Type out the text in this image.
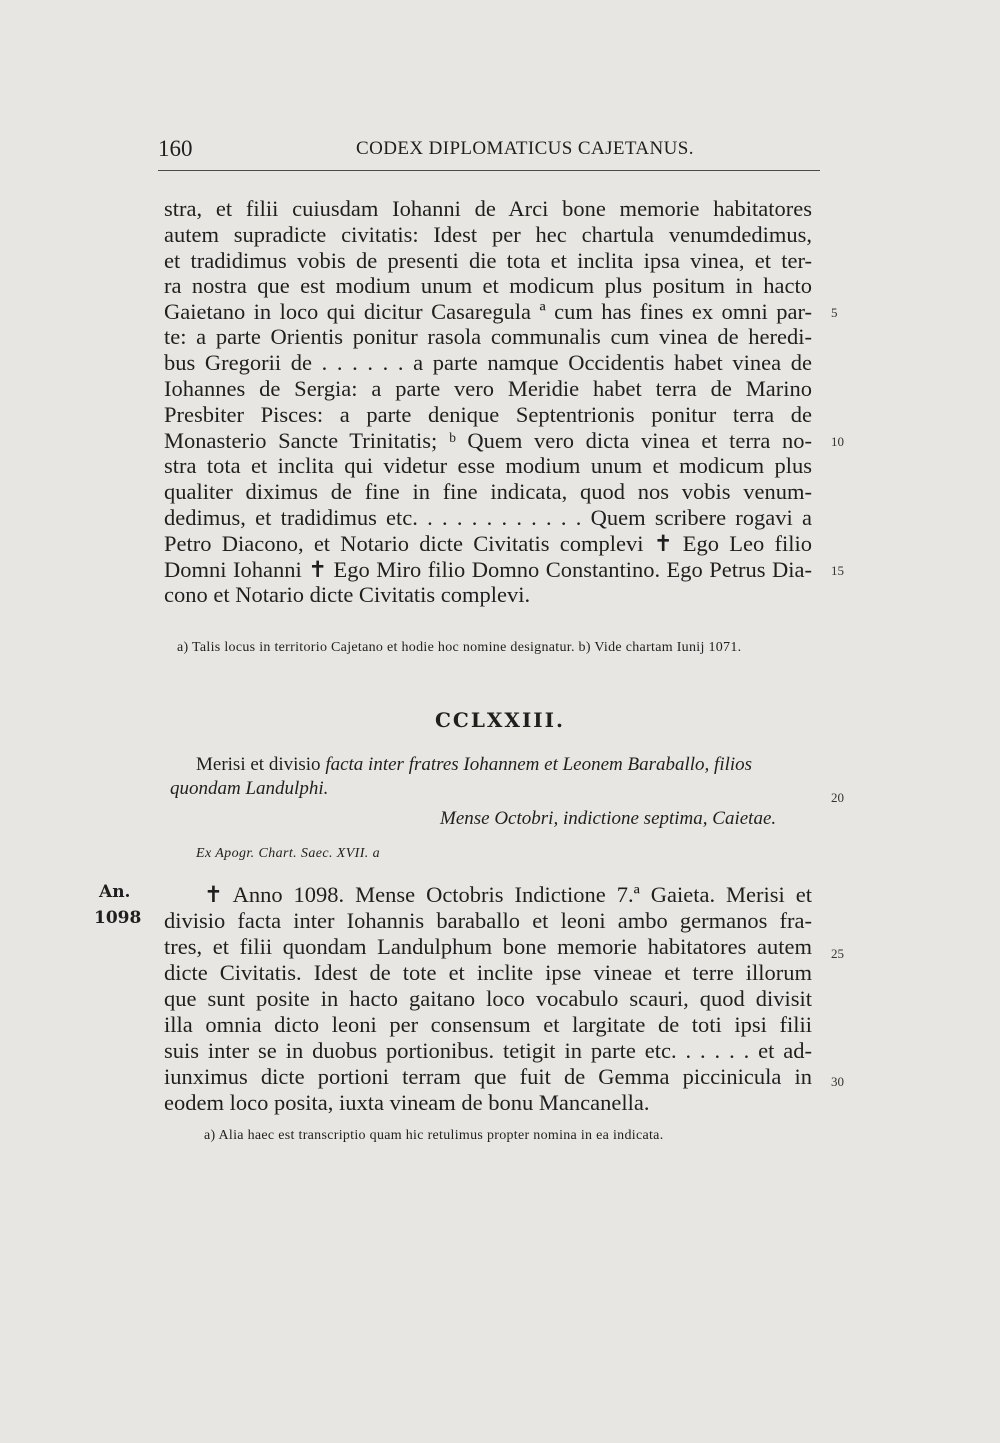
160	CODEX DIPLOMATICUS CAJETANUS.
stra, et filii cuiusdam Iohanni de Arci bone memorie habitatores
autem supradicte civitatis: Idest per hec chartula venumdedimus,
et tradidimus vobis de presenti die tota et inclita ipsa vinea, et ter-
ra nostra que est modium unum et modicum plus positum in hacto
Gaietano in loco qui dicitur Casaregula ª cum has fines ex omni par-
te: a parte Orientis ponitur rasola communalis cum vinea de heredi-
bus Gregorii de . . . . . . a parte namque Occidentis habet vinea de
Iohannes de Sergia: a parte vero Meridie habet terra de Marino
Presbiter Pisces: a parte denique Septentrionis ponitur terra de
Monasterio Sancte Trinitatis; ᵇ Quem vero dicta vinea et terra no-
stra tota et inclita qui videtur esse modium unum et modicum plus
qualiter diximus de fine in fine indicata, quod nos vobis venum-
dedimus, et tradidimus etc. . . . . . . . . . . . Quem scribere rogavi a
Petro Diacono, et Notario dicte Civitatis complevi ✝ Ego Leo filio
Domni Iohanni ✝ Ego Miro filio Domno Constantino. Ego Petrus Dia-
cono et Notario dicte Civitatis complevi.
5
10
15
a) Talis locus in territorio Cajetano et hodie hoc nomine designatur. b) Vide chartam Iunij 1071.
CCLXXIII.
Merisi et divisio facta inter fratres Iohannem et Leonem Baraballo, filios
quondam Landulphi.
Mense Octobri, indictione septima, Caietae.
20
Ex Apogr. Chart. Saec. XVII. a
An.
1098
✝ Anno 1098. Mense Octobris Indictione 7.ª Gaieta. Merisi et
divisio facta inter Iohannis baraballo et leoni ambo germanos fra-
tres, et filii quondam Landulphum bone memorie habitatores autem
dicte Civitatis. Idest de tote et inclite ipse vineae et terre illorum
que sunt posite in hacto gaitano loco vocabulo scauri, quod divisit
illa omnia dicto leoni per consensum et largitate de toti ipsi filii
suis inter se in duobus portionibus. tetigit in parte etc. . . . . . et ad-
iunximus dicte portioni terram que fuit de Gemma piccinicula in
eodem loco posita, iuxta vineam de bonu Mancanella.
25
30
a) Alia haec est transcriptio quam hic retulimus propter nomina in ea indicata.
